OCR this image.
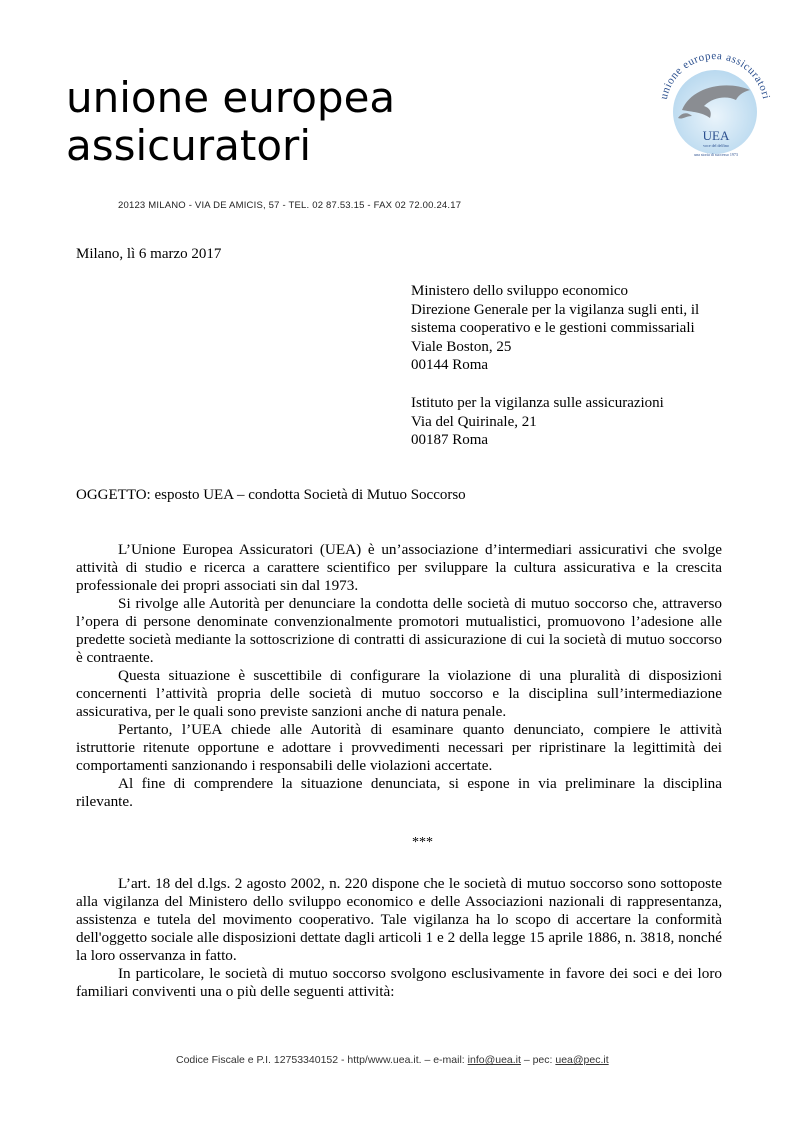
unione europea
assicuratori
unione europea assicuratori
UEA
voce del delfino
una storia di successo 1973
20123 MILANO - VIA DE AMICIS, 57 - TEL. 02 87.53.15 - FAX 02 72.00.24.17
Milano, lì 6 marzo 2017
Ministero dello sviluppo economico
Direzione Generale per la vigilanza sugli enti, il
sistema cooperativo e le gestioni commissariali
Viale Boston, 25
00144 Roma
Istituto per la vigilanza sulle assicurazioni
Via del Quirinale, 21
00187 Roma
OGGETTO: esposto UEA – condotta Società di Mutuo Soccorso

L’Unione Europea Assicuratori (UEA) è un’associazione d’intermediari assicurativi che svolge attività di studio e ricerca a carattere scientifico per sviluppare la cultura assicurativa e la crescita professionale dei propri associati sin dal 1973.

Si rivolge alle Autorità per denunciare la condotta delle società di mutuo soccorso che, attraverso l’opera di persone denominate convenzionalmente promotori mutualistici, promuovono l’adesione alle predette società mediante la sottoscrizione di contratti di assicurazione di cui la società di mutuo soccorso è contraente.

Questa situazione è suscettibile di configurare la violazione di una pluralità di disposizioni concernenti l’attività propria delle società di mutuo soccorso e la disciplina sull’intermediazione assicurativa, per le quali sono previste sanzioni anche di natura penale.

Pertanto, l’UEA chiede alle Autorità di esaminare quanto denunciato, compiere le attività istruttorie ritenute opportune e adottare i provvedimenti necessari per ripristinare la legittimità dei comportamenti sanzionando i responsabili delle violazioni accertate.

Al fine di comprendere la situazione denunciata, si espone in via preliminare la disciplina rilevante.

***

L’art. 18 del d.lgs. 2 agosto 2002, n. 220 dispone che le società di mutuo soccorso sono sottoposte alla vigilanza del Ministero dello sviluppo economico e delle Associazioni nazionali di rappresentanza, assistenza e tutela del movimento cooperativo. Tale vigilanza ha lo scopo di accertare la conformità dell'oggetto sociale alle disposizioni dettate dagli articoli 1 e 2 della legge 15 aprile 1886, n. 3818, nonché la loro osservanza in fatto.

In particolare, le società di mutuo soccorso svolgono esclusivamente in favore dei soci e dei loro familiari conviventi una o più delle seguenti attività:

Codice Fiscale e P.I. 12753340152 - http/www.uea.it. – e-mail: info@uea.it – pec: uea@pec.it
